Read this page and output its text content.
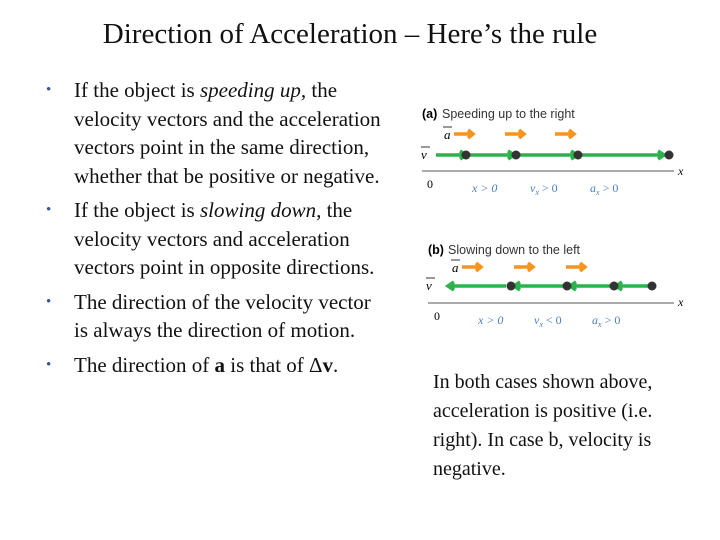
Direction of Acceleration – Here’s the rule
• If the object is speeding up, the velocity vectors and the acceleration vectors point in the same direction, whether that be positive or negative.
• If the object is slowing down, the velocity vectors and acceleration vectors point in opposite directions.
• The direction of the velocity vector is always the direction of motion.
• The direction of a is that of Δv.
(a) Speeding up to the right
a
v
x
0	x > 0	$v_x > 0$	$a_x > 0$
(b) Slowing down to the left
a
v
x
0	x > 0	$v_x < 0$	$a_x > 0$
In both cases shown above, acceleration is positive (i.e. right). In case b, velocity is negative.
